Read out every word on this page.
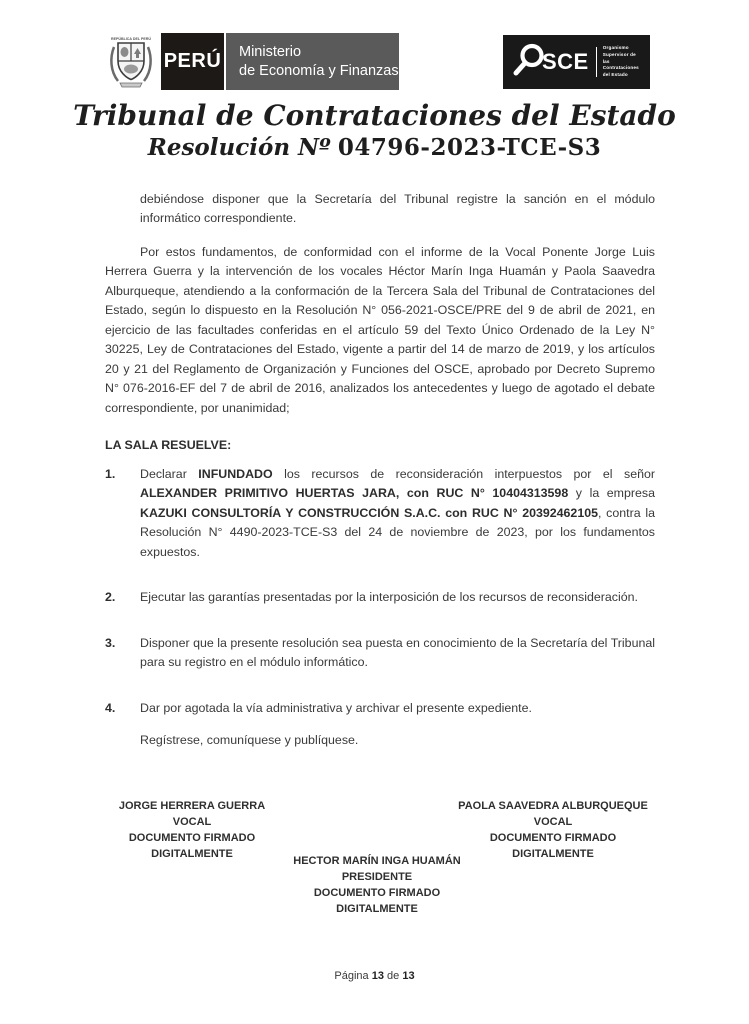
REPÚBLICA DEL PERÚ
PERÚ Ministerio
de Economía y Finanzas	SCE
Organismo
Supervisor de las
Contrataciones
del Estado
Tribunal de Contrataciones del Estado
Resolución Nº 04796-2023-TCE-S3

debiéndose disponer que la Secretaría del Tribunal registre la sanción en el módulo informático correspondiente.

Por estos fundamentos, de conformidad con el informe de la Vocal Ponente Jorge Luis Herrera Guerra y la intervención de los vocales Héctor Marín Inga Huamán y Paola Saavedra Alburqueque, atendiendo a la conformación de la Tercera Sala del Tribunal de Contrataciones del Estado, según lo dispuesto en la Resolución N° 056-2021-OSCE/PRE del 9 de abril de 2021, en ejercicio de las facultades conferidas en el artículo 59 del Texto Único Ordenado de la Ley N° 30225, Ley de Contrataciones del Estado, vigente a partir del 14 de marzo de 2019, y los artículos 20 y 21 del Reglamento de Organización y Funciones del OSCE, aprobado por Decreto Supremo N° 076-2016-EF del 7 de abril de 2016, analizados los antecedentes y luego de agotado el debate correspondiente, por unanimidad;

LA SALA RESUELVE:

1.	Declarar INFUNDADO los recursos de reconsideración interpuestos por el señor ALEXANDER PRIMITIVO HUERTAS JARA, con RUC N° 10404313598 y la empresa KAZUKI CONSULTORÍA Y CONSTRUCCIÓN S.A.C. con RUC N° 20392462105, contra la Resolución N° 4490-2023-TCE-S3 del 24 de noviembre de 2023, por los fundamentos expuestos.

2.	Ejecutar las garantías presentadas por la interposición de los recursos de reconsideración.

3.	Disponer que la presente resolución sea puesta en conocimiento de la Secretaría del Tribunal para su registro en el módulo informático.

4.	Dar por agotada la vía administrativa y archivar el presente expediente.

Regístrese, comuníquese y publíquese.

JORGE HERRERA GUERRA
VOCAL
DOCUMENTO FIRMADO
DIGITALMENTE
PAOLA SAAVEDRA ALBURQUEQUE
VOCAL
DOCUMENTO FIRMADO
DIGITALMENTE
HECTOR MARÍN INGA HUAMÁN
PRESIDENTE
DOCUMENTO FIRMADO
DIGITALMENTE
Página 13 de 13
